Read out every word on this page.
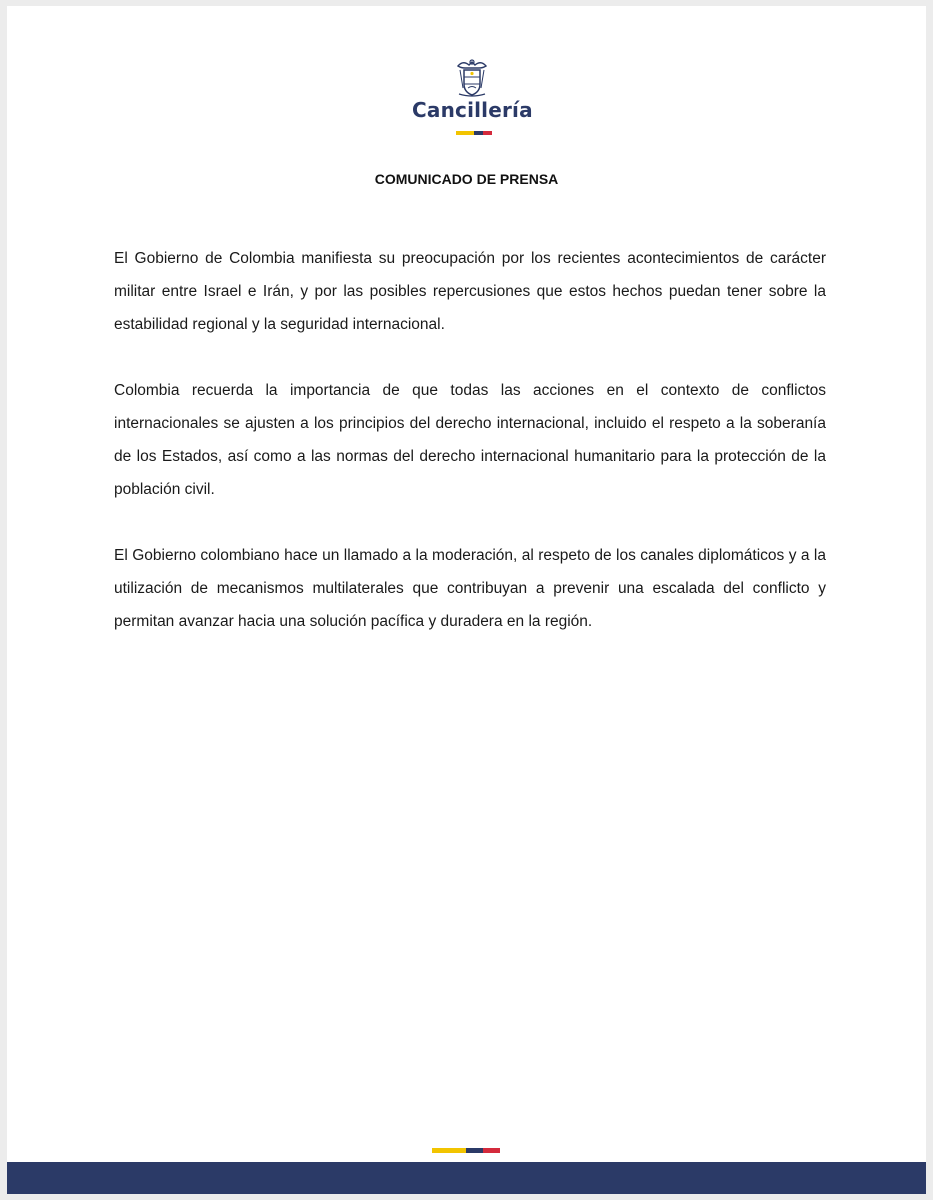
Cancillería
COMUNICADO DE PRENSA

El Gobierno de Colombia manifiesta su preocupación por los recientes acontecimientos de carácter militar entre Israel e Irán, y por las posibles repercusiones que estos hechos puedan tener sobre la estabilidad regional y la seguridad internacional.

Colombia recuerda la importancia de que todas las acciones en el contexto de conflictos internacionales se ajusten a los principios del derecho internacional, incluido el respeto a la soberanía de los Estados, así como a las normas del derecho internacional humanitario para la protección de la población civil.

El Gobierno colombiano hace un llamado a la moderación, al respeto de los canales diplomáticos y a la utilización de mecanismos multilaterales que contribuyan a prevenir una escalada del conflicto y permitan avanzar hacia una solución pacífica y duradera en la región.
